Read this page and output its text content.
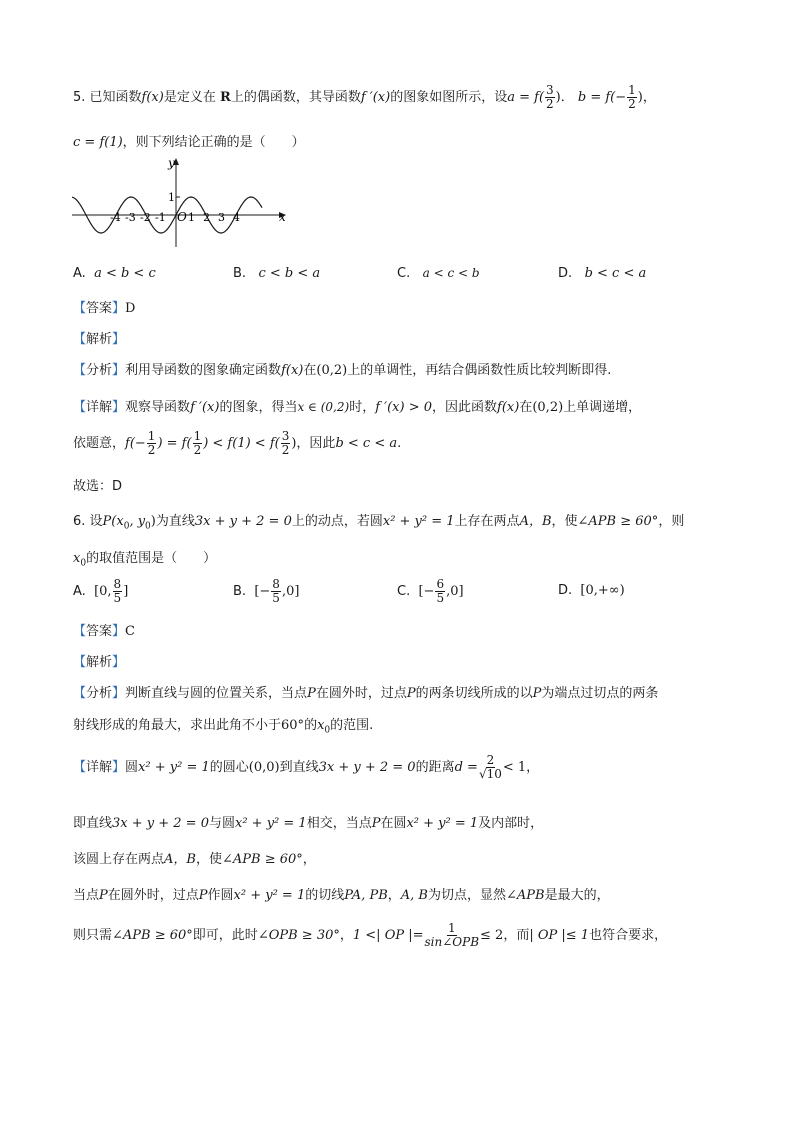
5. 已知函数f(x)是定义在 R上的偶函数，其导函数f ′(x)的图象如图所示，设$a = f( \frac{3}{2}$ )． $b = f(- \frac{1}{2}$ )，
c = f(1)，则下列结论正确的是（　　）
y
x
1
O
-4 -3 -2 -1 1 2 3 4
A. a < b < c	B. c < b < a	C. a < c < b	D. b < c < a
【答案】D
【解析】
【分析】利用导函数的图象确定函数f(x)在(0,2)上的单调性，再结合偶函数性质比较判断即得.
【详解】观察导函数f ′(x)的图象，得当x ∈ (0,2)时，f ′(x) > 0，因此函数f(x)在(0,2)上单调递增，
依题意，$f(- \frac{1}{2}$ ) = $f( \frac{1}{2}$ ) < $f(1) < f( \frac{3}{2}$ )，因此b < c < a.
故选：D
6. 设$P(x_0$, $y_0$)为直线3x + y + 2 = 0上的动点，若圆x² + y² = 1上存在两点A，B，使∠APB ≥ 60°，则
$x_0$的取值范围是（　　）
A. [0, $\frac{8}{5}$ ]	B. [− $\frac{8}{5} ,0$]	C. [− $\frac{6}{5} ,0$]	D. [0,+∞)
【答案】C
【解析】
【分析】判断直线与圆的位置关系，当点P在圆外时，过点P的两条切线所成的以P为端点过切点的两条
射线形成的角最大，求出此角不小于60°的$x_0$的范围.
【详解】圆x² + y² = 1的圆心(0,0)到直线3x + y + 2 = 0的距离$d = \frac{2}{√10} < 1$，
即直线3x + y + 2 = 0与圆x² + y² = 1相交，当点P在圆x² + y² = 1及内部时，
该圆上存在两点A，B，使∠APB ≥ 60°，
当点P在圆外时，过点P作圆x² + y² = 1的切线PA, PB，A, B为切点，显然∠APB是最大的，
则只需∠APB ≥ 60°即可，此时∠OPB ≥ 30°，1 <| OP |= $\frac{1}{\text{sin∠OPB}} \le 2$，而| OP |≤ 1也符合要求，
